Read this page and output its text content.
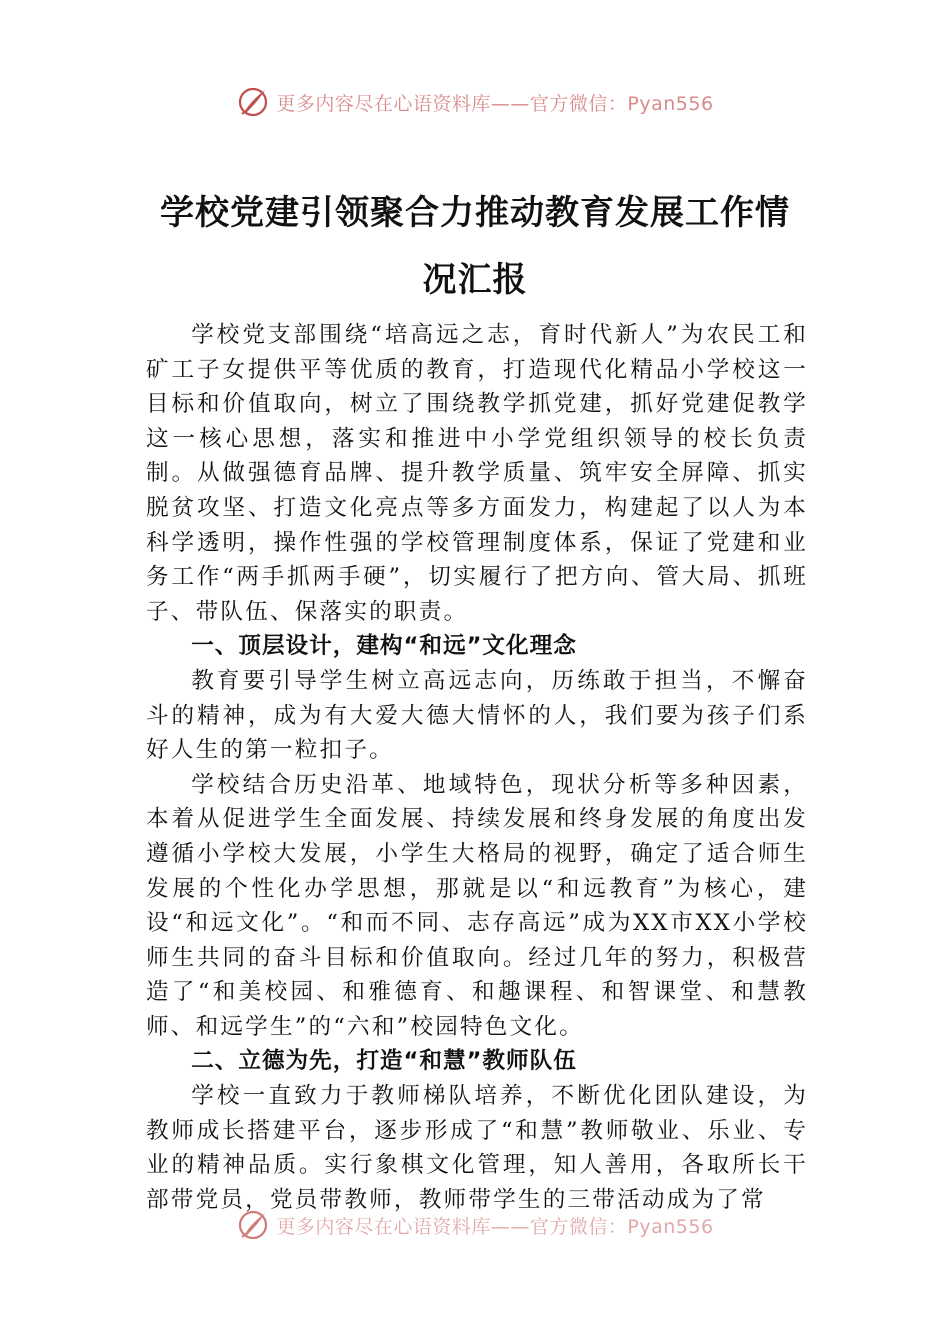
更多内容尽在心语资料库——官方微信：Pyan556
学校党建引领聚合力推动教育发展工作情
况汇报

学校党支部围绕“培高远之志，育时代新人”为农民工和矿工子女提供平等优质的教育，打造现代化精品小学校这一目标和价值取向，树立了围绕教学抓党建，抓好党建促教学这一核心思想，落实和推进中小学党组织领导的校长负责制。从做强德育品牌、提升教学质量、筑牢安全屏障、抓实脱贫攻坚、打造文化亮点等多方面发力，构建起了以人为本科学透明，操作性强的学校管理制度体系，保证了党建和业务工作“两手抓两手硬”，切实履行了把方向、管大局、抓班子、带队伍、保落实的职责。

一、顶层设计，建构“和远”文化理念

教育要引导学生树立高远志向，历练敢于担当，不懈奋斗的精神，成为有大爱大德大情怀的人，我们要为孩子们系好人生的第一粒扣子。

学校结合历史沿革、地域特色，现状分析等多种因素，本着从促进学生全面发展、持续发展和终身发展的角度出发遵循小学校大发展，小学生大格局的视野，确定了适合师生发展的个性化办学思想，那就是以“和远教育”为核心，建设“和远文化”。“和而不同、志存高远”成为XX市XX小学校师生共同的奋斗目标和价值取向。经过几年的努力，积极营造了“和美校园、和雅德育、和趣课程、和智课堂、和慧教师、和远学生”的“六和”校园特色文化。

二、立德为先，打造“和慧”教师队伍

学校一直致力于教师梯队培养，不断优化团队建设，为教师成长搭建平台，逐步形成了“和慧”教师敬业、乐业、专业的精神品质。实行象棋文化管理，知人善用，各取所长干部带党员，党员带教师，教师带学生的三带活动成为了常

更多内容尽在心语资料库——官方微信：Pyan556
